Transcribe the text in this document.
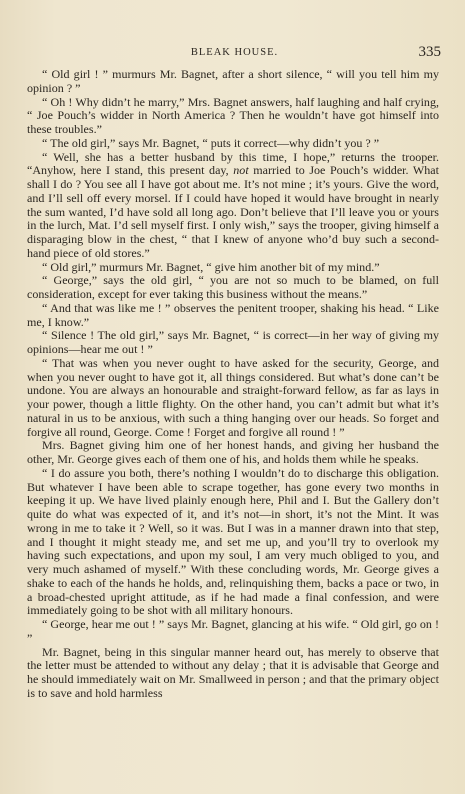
BLEAK HOUSE.	335

“ Old girl ! ” murmurs Mr. Bagnet, after a short silence, “ will you tell him my opinion ? ”

“ Oh ! Why didn’t he marry,” Mrs. Bagnet answers, half laughing and half crying, “ Joe Pouch’s widder in North America ? Then he wouldn’t have got himself into these troubles.”

“ The old girl,” says Mr. Bagnet, “ puts it correct—why didn’t you ? ”

“ Well, she has a better husband by this time, I hope,” returns the trooper. “Anyhow, here I stand, this present day, not married to Joe Pouch’s widder. What shall I do ? You see all I have got about me. It’s not mine ; it’s yours. Give the word, and I’ll sell off every morsel. If I could have hoped it would have brought in nearly the sum wanted, I’d have sold all long ago. Don’t believe that I’ll leave you or yours in the lurch, Mat. I’d sell myself first. I only wish,” says the trooper, giving himself a disparaging blow in the chest, “ that I knew of anyone who’d buy such a second-hand piece of old stores.”

“ Old girl,” murmurs Mr. Bagnet, “ give him another bit of my mind.”

“ George,” says the old girl, “ you are not so much to be blamed, on full consideration, except for ever taking this business without the means.”

“ And that was like me ! ” observes the penitent trooper, shaking his head. “ Like me, I know.”

“ Silence ! The old girl,” says Mr. Bagnet, “ is correct—in her way of giving my opinions—hear me out ! ”

“ That was when you never ought to have asked for the security, George, and when you never ought to have got it, all things considered. But what’s done can’t be undone. You are always an honourable and straight-forward fellow, as far as lays in your power, though a little flighty. On the other hand, you can’t admit but what it’s natural in us to be anxious, with such a thing hanging over our heads. So forget and forgive all round, George. Come ! Forget and forgive all round ! ”

Mrs. Bagnet giving him one of her honest hands, and giving her husband the other, Mr. George gives each of them one of his, and holds them while he speaks.

“ I do assure you both, there’s nothing I wouldn’t do to discharge this obligation. But whatever I have been able to scrape together, has gone every two months in keeping it up. We have lived plainly enough here, Phil and I. But the Gallery don’t quite do what was expected of it, and it’s not—in short, it’s not the Mint. It was wrong in me to take it ? Well, so it was. But I was in a manner drawn into that step, and I thought it might steady me, and set me up, and you’ll try to overlook my having such expectations, and upon my soul, I am very much obliged to you, and very much ashamed of myself.” With these concluding words, Mr. George gives a shake to each of the hands he holds, and, relinquishing them, backs a pace or two, in a broad-chested upright attitude, as if he had made a final confession, and were immediately going to be shot with all military honours.

“ George, hear me out ! ” says Mr. Bagnet, glancing at his wife. “ Old girl, go on ! ”

Mr. Bagnet, being in this singular manner heard out, has merely to observe that the letter must be attended to without any delay ; that it is advisable that George and he should immediately wait on Mr. Smallweed in person ; and that the primary object is to save and hold harmless
